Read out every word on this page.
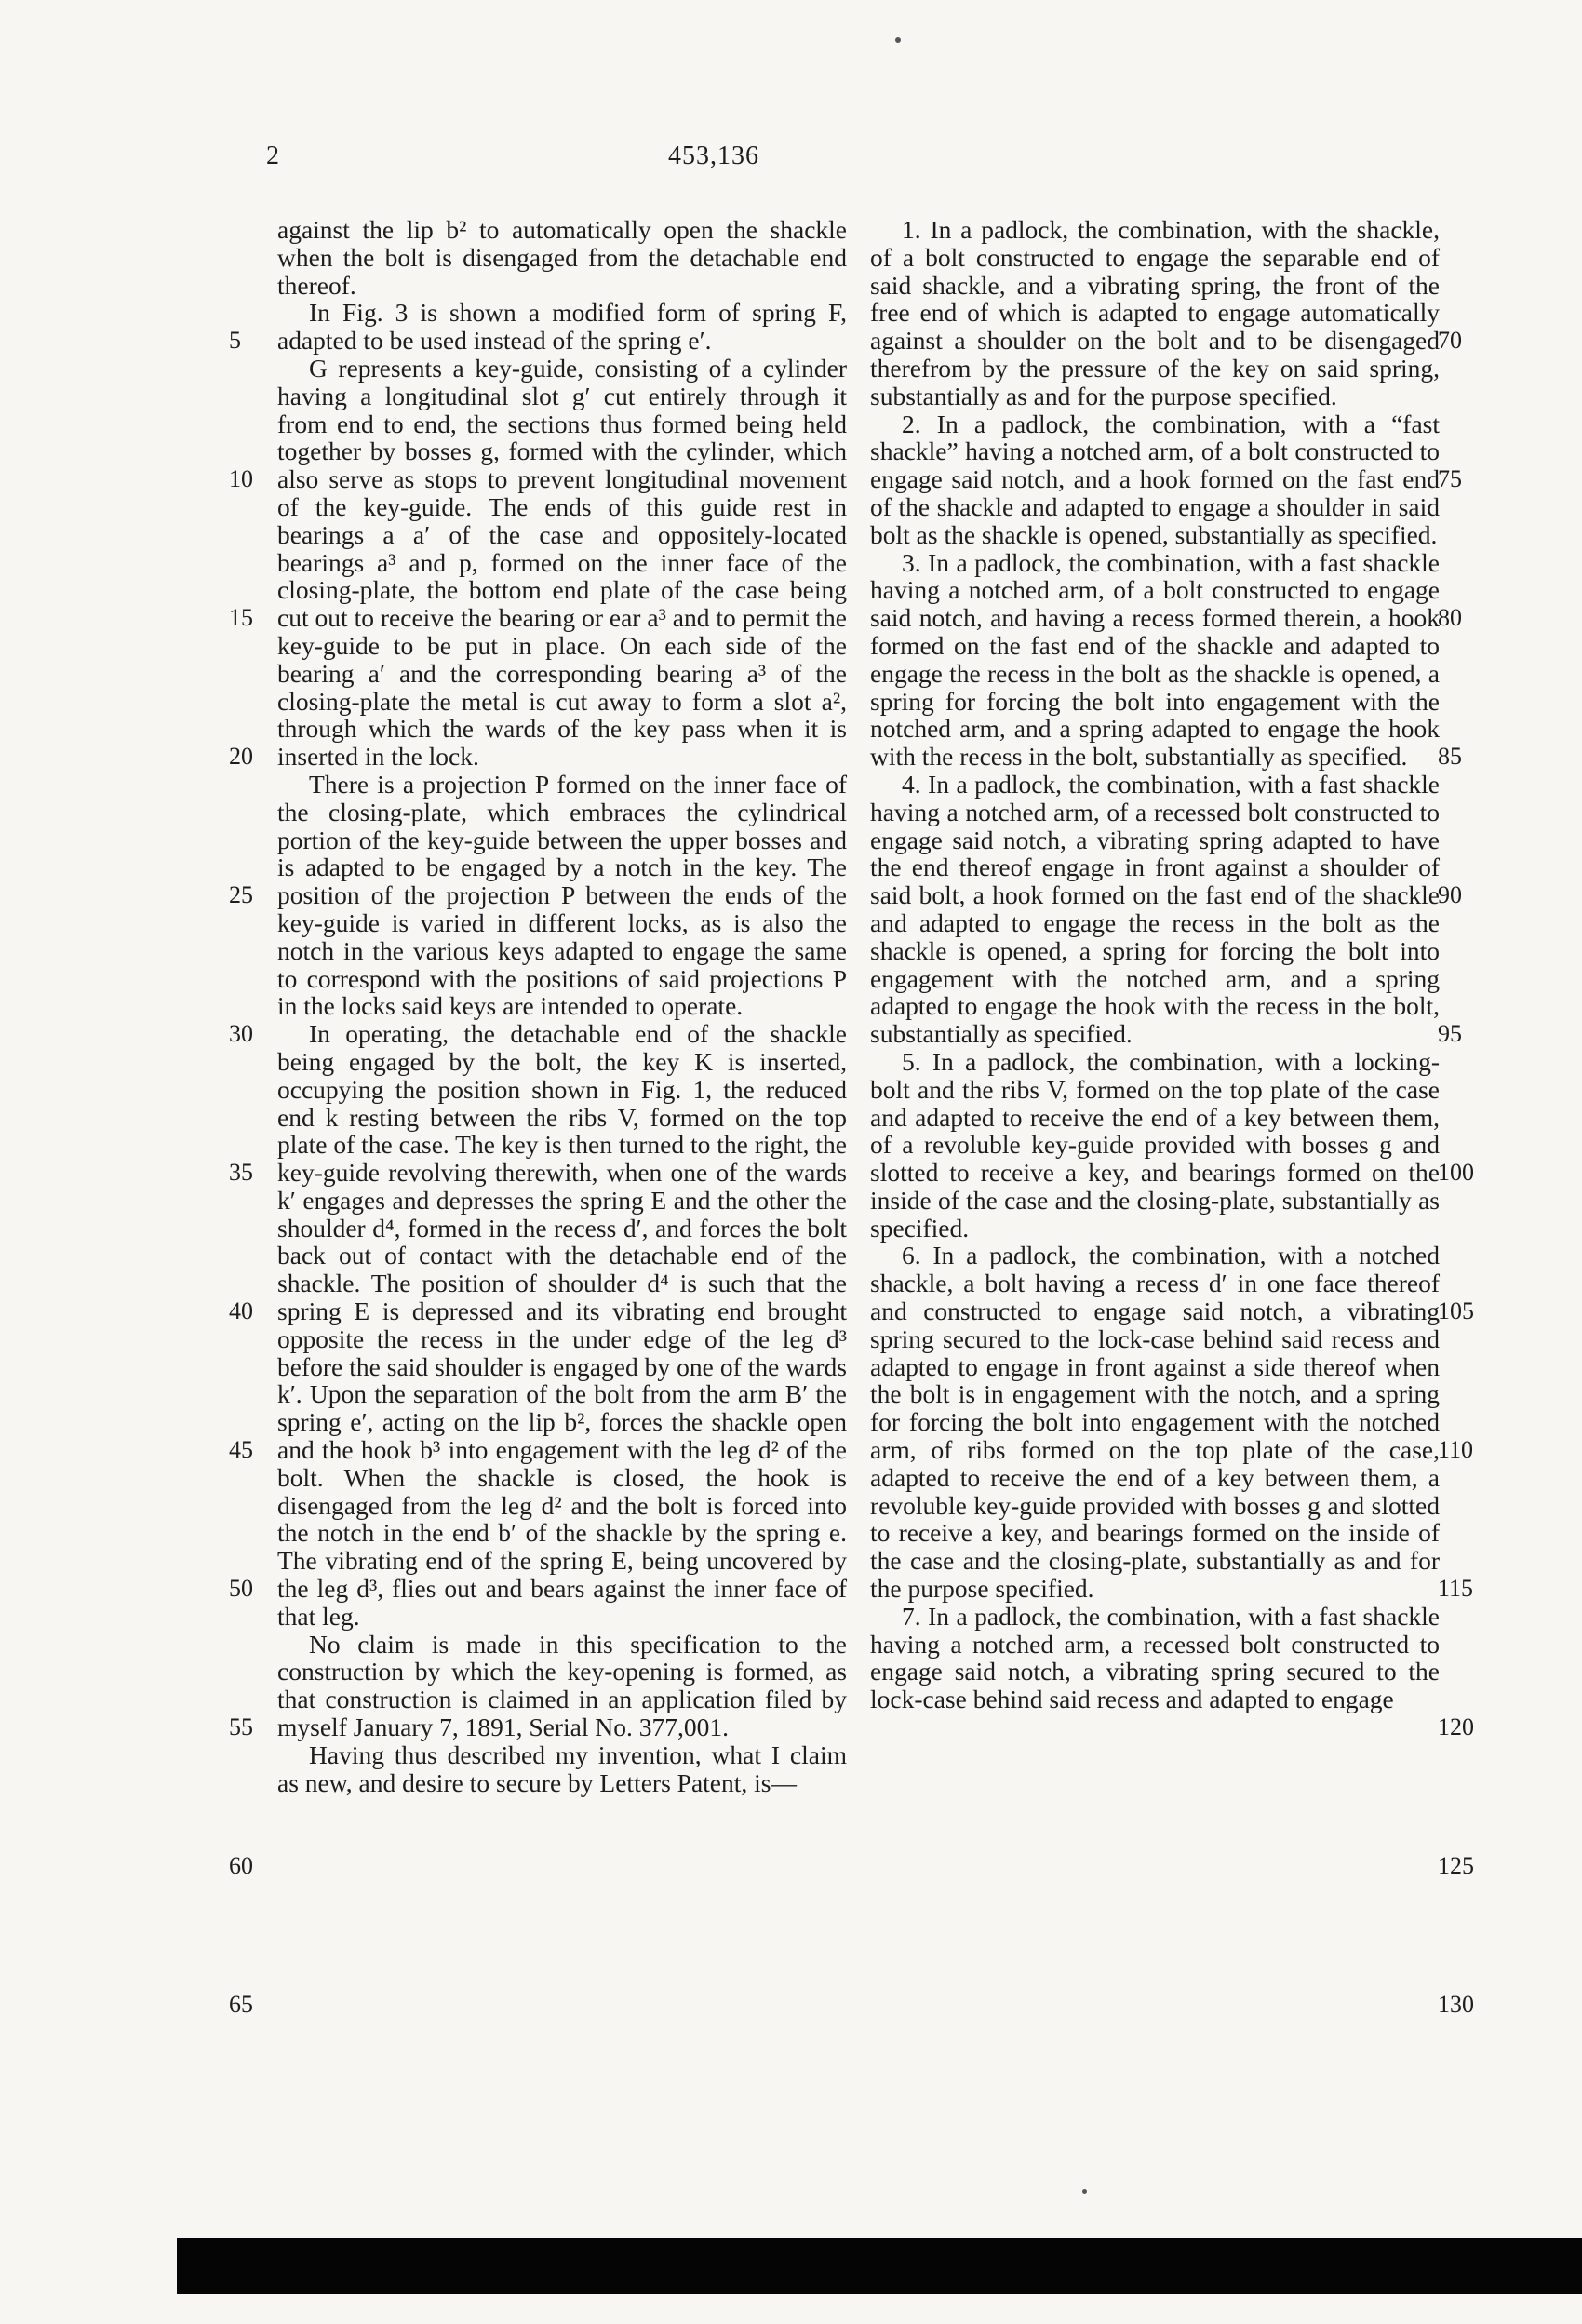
2	453,136

against the lip b² to automatically open the shackle when the bolt is disengaged from the detachable end thereof.

In Fig. 3 is shown a modified form of spring F, adapted to be used instead of the spring e′.

G represents a key-guide, consisting of a cylinder having a longitudinal slot g′ cut entirely through it from end to end, the sections thus formed being held together by bosses g, formed with the cylinder, which also serve as stops to prevent longitudinal movement of the key-guide. The ends of this guide rest in bearings a a′ of the case and oppositely-located bearings a³ and p, formed on the inner face of the closing-plate, the bottom end plate of the case being cut out to receive the bearing or ear a³ and to permit the key-guide to be put in place. On each side of the bearing a′ and the corresponding bearing a³ of the closing-plate the metal is cut away to form a slot a², through which the wards of the key pass when it is inserted in the lock.

There is a projection P formed on the inner face of the closing-plate, which embraces the cylindrical portion of the key-guide between the upper bosses and is adapted to be engaged by a notch in the key. The position of the projection P between the ends of the key-guide is varied in different locks, as is also the notch in the various keys adapted to engage the same to correspond with the positions of said projections P in the locks said keys are intended to operate.

In operating, the detachable end of the shackle being engaged by the bolt, the key K is inserted, occupying the position shown in Fig. 1, the reduced end k resting between the ribs V, formed on the top plate of the case. The key is then turned to the right, the key-guide revolving therewith, when one of the wards k′ engages and depresses the spring E and the other the shoulder d⁴, formed in the recess d′, and forces the bolt back out of contact with the detachable end of the shackle. The position of shoulder d⁴ is such that the spring E is depressed and its vibrating end brought opposite the recess in the under edge of the leg d³ before the said shoulder is engaged by one of the wards k′. Upon the separation of the bolt from the arm B′ the spring e′, acting on the lip b², forces the shackle open and the hook b³ into engagement with the leg d² of the bolt. When the shackle is closed, the hook is disengaged from the leg d² and the bolt is forced into the notch in the end b′ of the shackle by the spring e. The vibrating end of the spring E, being uncovered by the leg d³, flies out and bears against the inner face of that leg.

No claim is made in this specification to the construction by which the key-opening is formed, as that construction is claimed in an application filed by myself January 7, 1891, Serial No. 377,001.

Having thus described my invention, what I claim as new, and desire to secure by Letters Patent, is—

1. In a padlock, the combination, with the shackle, of a bolt constructed to engage the separable end of said shackle, and a vibrating spring, the front of the free end of which is adapted to engage automatically against a shoulder on the bolt and to be disengaged therefrom by the pressure of the key on said spring, substantially as and for the purpose specified.

2. In a padlock, the combination, with a “fast shackle” having a notched arm, of a bolt constructed to engage said notch, and a hook formed on the fast end of the shackle and adapted to engage a shoulder in said bolt as the shackle is opened, substantially as specified.

3. In a padlock, the combination, with a fast shackle having a notched arm, of a bolt constructed to engage said notch, and having a recess formed therein, a hook formed on the fast end of the shackle and adapted to engage the recess in the bolt as the shackle is opened, a spring for forcing the bolt into engagement with the notched arm, and a spring adapted to engage the hook with the recess in the bolt, substantially as specified.

4. In a padlock, the combination, with a fast shackle having a notched arm, of a recessed bolt constructed to engage said notch, a vibrating spring adapted to have the end thereof engage in front against a shoulder of said bolt, a hook formed on the fast end of the shackle and adapted to engage the recess in the bolt as the shackle is opened, a spring for forcing the bolt into engagement with the notched arm, and a spring adapted to engage the hook with the recess in the bolt, substantially as specified.

5. In a padlock, the combination, with a locking-bolt and the ribs V, formed on the top plate of the case and adapted to receive the end of a key between them, of a revoluble key-guide provided with bosses g and slotted to receive a key, and bearings formed on the inside of the case and the closing-plate, substantially as specified.

6. In a padlock, the combination, with a notched shackle, a bolt having a recess d′ in one face thereof and constructed to engage said notch, a vibrating spring secured to the lock-case behind said recess and adapted to engage in front against a side thereof when the bolt is in engagement with the notch, and a spring for forcing the bolt into engagement with the notched arm, of ribs formed on the top plate of the case, adapted to receive the end of a key between them, a revoluble key-guide provided with bosses g and slotted to receive a key, and bearings formed on the inside of the case and the closing-plate, substantially as and for the purpose specified.

7. In a padlock, the combination, with a fast shackle having a notched arm, a recessed bolt constructed to engage said notch, a vibrating spring secured to the lock-case behind said recess and adapted to engage

5
10
15
20
25
30
35
40
45
50
55
60
65
70
75
80
85
90
95
100
105
110
115
120
125
130
